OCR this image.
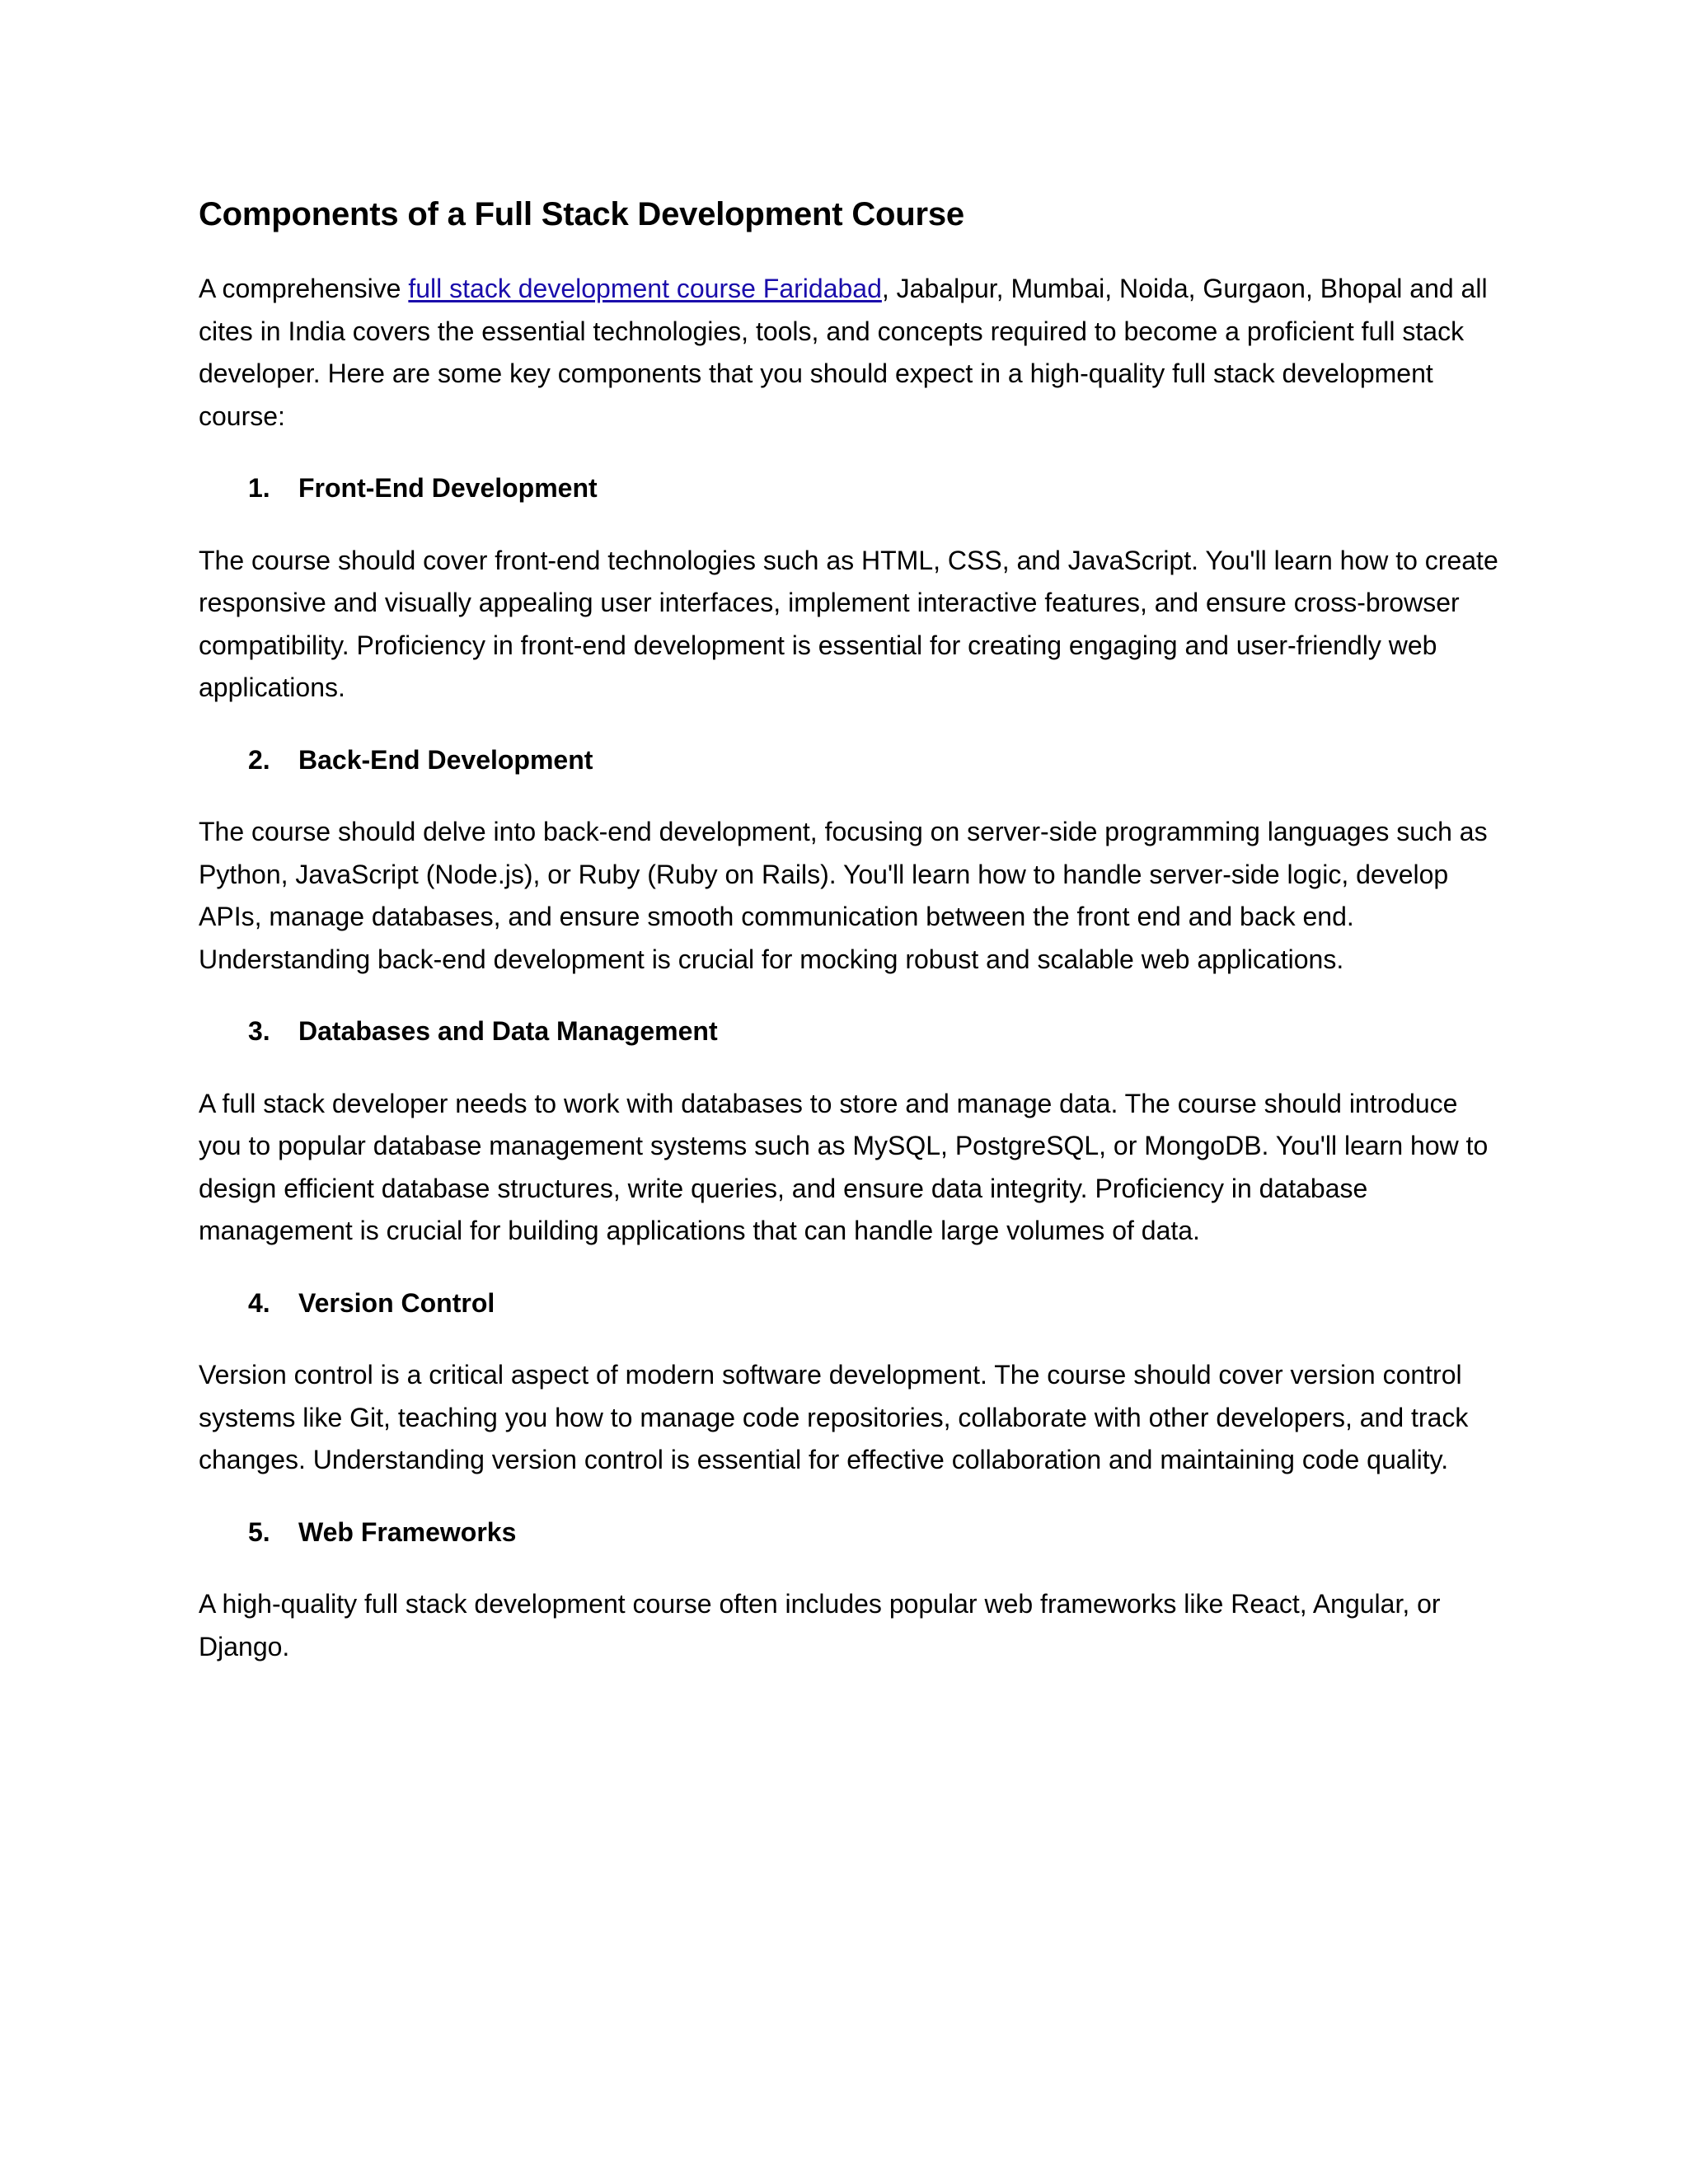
Components of a Full Stack Development Course

A comprehensive full stack development course Faridabad, Jabalpur, Mumbai, Noida, Gurgaon, Bhopal and all cites in India covers the essential technologies, tools, and concepts required to become a proficient full stack developer. Here are some key components that you should expect in a high-quality full stack development course:

1.	Front-End Development

The course should cover front-end technologies such as HTML, CSS, and JavaScript. You'll learn how to create responsive and visually appealing user interfaces, implement interactive features, and ensure cross-browser compatibility. Proficiency in front-end development is essential for creating engaging and user-friendly web applications.

2.	Back-End Development

The course should delve into back-end development, focusing on server-side programming languages such as Python, JavaScript (Node.js), or Ruby (Ruby on Rails). You'll learn how to handle server-side logic, develop APIs, manage databases, and ensure smooth communication between the front end and back end. Understanding back-end development is crucial for mocking robust and scalable web applications.

3.	Databases and Data Management

A full stack developer needs to work with databases to store and manage data. The course should introduce you to popular database management systems such as MySQL, PostgreSQL, or MongoDB. You'll learn how to design efficient database structures, write queries, and ensure data integrity. Proficiency in database management is crucial for building applications that can handle large volumes of data.

4.	Version Control

Version control is a critical aspect of modern software development. The course should cover version control systems like Git, teaching you how to manage code repositories, collaborate with other developers, and track changes. Understanding version control is essential for effective collaboration and maintaining code quality.

5.	Web Frameworks

A high-quality full stack development course often includes popular web frameworks like React, Angular, or Django.
